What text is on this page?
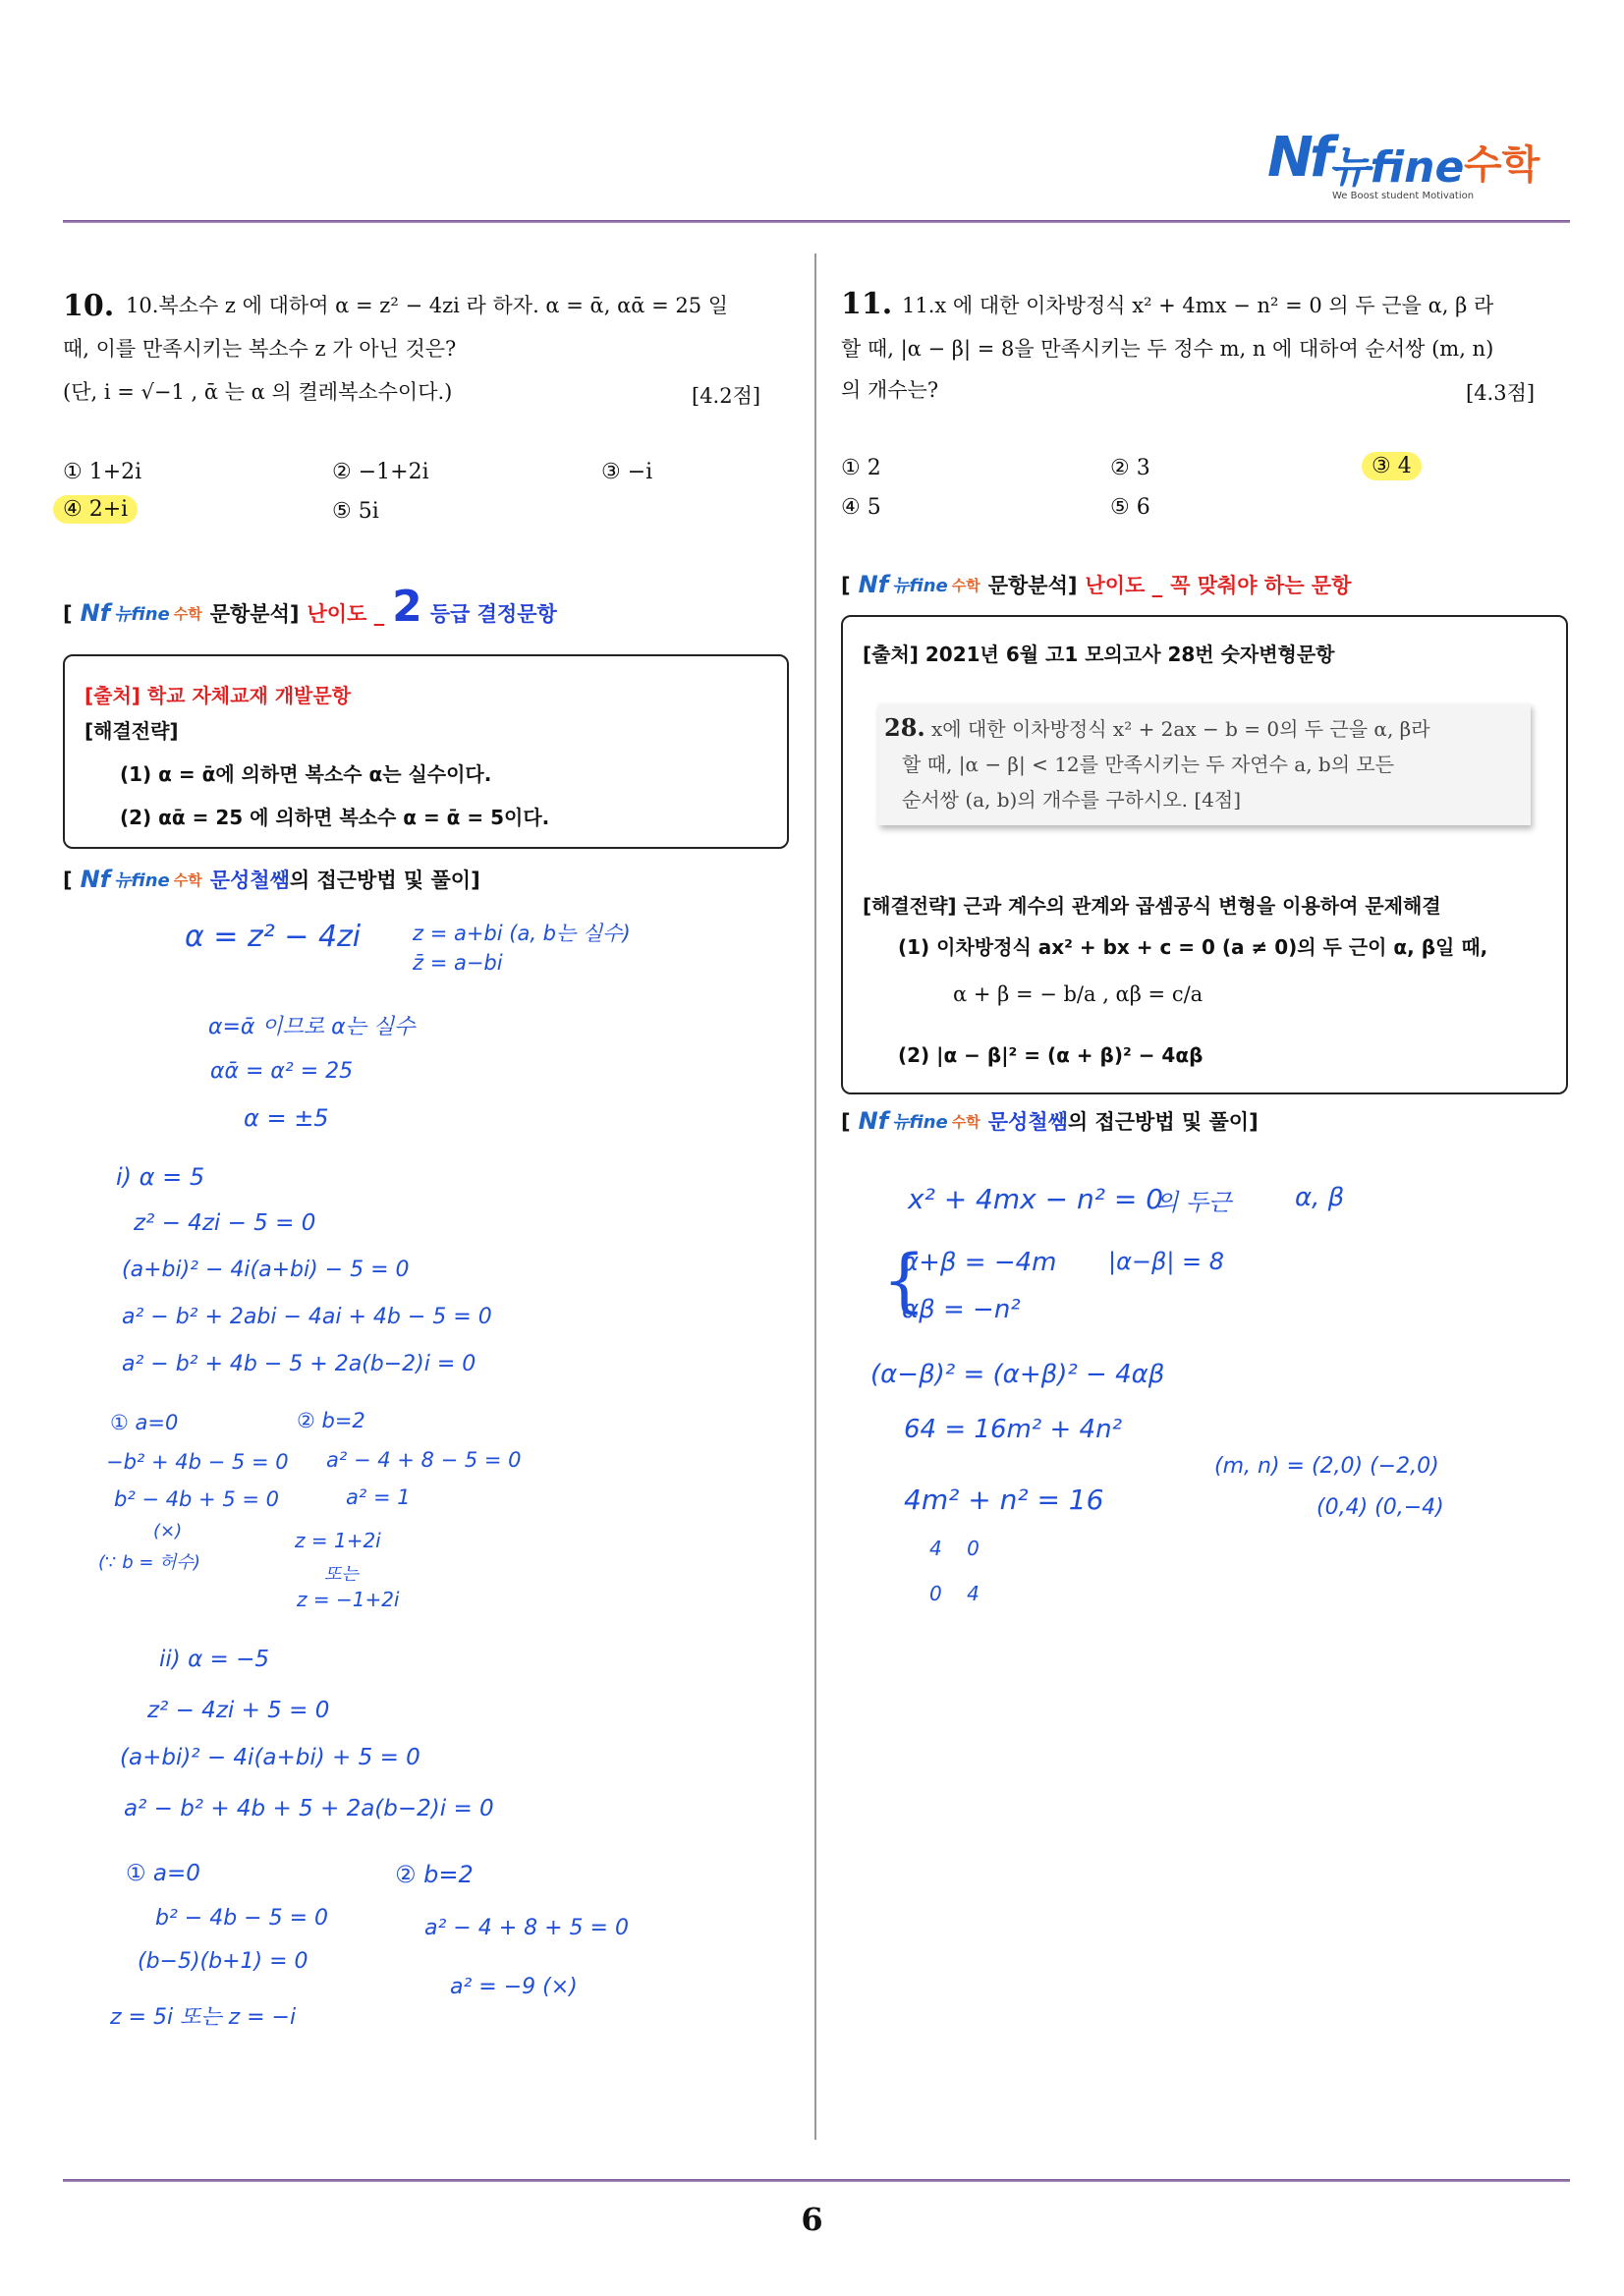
Nf
뉴fine 수학
We Boost student Motivation
10. 10.복소수 z 에 대하여 α = z² − 4zi 라 하자. α = ᾱ, αᾱ = 25 일
때, 이를 만족시키는 복소수 z 가 아닌 것은?
(단, i = √−1 , ᾱ 는 α 의 켤레복소수이다.)	[4.2점]
① 1+2i	② −1+2i	③ −i
④ 2+i	⑤ 5i
[ Nf 뉴fine 수학 문항분석] 난이도 _ 2 등급 결정문항
[출처] 학교 자체교재 개발문항
[해결전략]
(1) α = ᾱ에 의하면 복소수 α는 실수이다.
(2) αᾱ = 25 에 의하면 복소수 α = ᾱ = 5이다.
[ Nf 뉴fine 수학 문성철쌤의 접근방법 및 풀이]
α = z² − 4zi	z = a+bi (a, b는 실수)
z̄ = a−bi
α=ᾱ 이므로 α는 실수
αᾱ = α² = 25
α = ±5
i) α = 5
z² − 4zi − 5 = 0
(a+bi)² − 4i(a+bi) − 5 = 0
a² − b² + 2abi − 4ai + 4b − 5 = 0
a² − b² + 4b − 5 + 2a(b−2)i = 0
① a=0
−b² + 4b − 5 = 0
b² − 4b + 5 = 0
(×)
(∵ b = 허수)
② b=2
a² − 4 + 8 − 5 = 0
a² = 1
z = 1+2i
또는
z = −1+2i
ii) α = −5
z² − 4zi + 5 = 0
(a+bi)² − 4i(a+bi) + 5 = 0
a² − b² + 4b + 5 + 2a(b−2)i = 0
① a=0
b² − 4b − 5 = 0
(b−5)(b+1) = 0
z = 5i 또는 z = −i
② b=2
a² − 4 + 8 + 5 = 0
a² = −9 (×)
11. 11.x 에 대한 이차방정식 x² + 4mx − n² = 0 의 두 근을 α, β 라
할 때, |α − β| = 8을 만족시키는 두 정수 m, n 에 대하여 순서쌍 (m, n)
의 개수는?	[4.3점]
① 2	② 3	③ 4
④ 5	⑤ 6
[ Nf 뉴fine 수학 문항분석] 난이도 _ 꼭 맞춰야 하는 문항
[출처] 2021년 6월 고1 모의고사 28번 숫자변형문항
28. x에 대한 이차방정식 x² + 2ax − b = 0의 두 근을 α, β라
할 때, |α − β| < 12를 만족시키는 두 자연수 a, b의 모든
순서쌍 (a, b)의 개수를 구하시오. [4점]
[해결전략] 근과 계수의 관계와 곱셈공식 변형을 이용하여 문제해결
(1) 이차방정식 ax² + bx + c = 0 (a ≠ 0)의 두 근이 α, β일 때,
α + β = − b/a , αβ = c/a
(2) |α − β|² = (α + β)² − 4αβ
[ Nf 뉴fine 수학 문성철쌤의 접근방법 및 풀이]
x² + 4mx − n² = 0
의 두근 α, β
{
α+β = −4m
αβ = −n²
|α−β| = 8
(α−β)² = (α+β)² − 4αβ
64 = 16m² + 4n²
4m² + n² = 16
4    0
0    4
(m, n) = (2,0) (−2,0)
(0,4) (0,−4)
6
